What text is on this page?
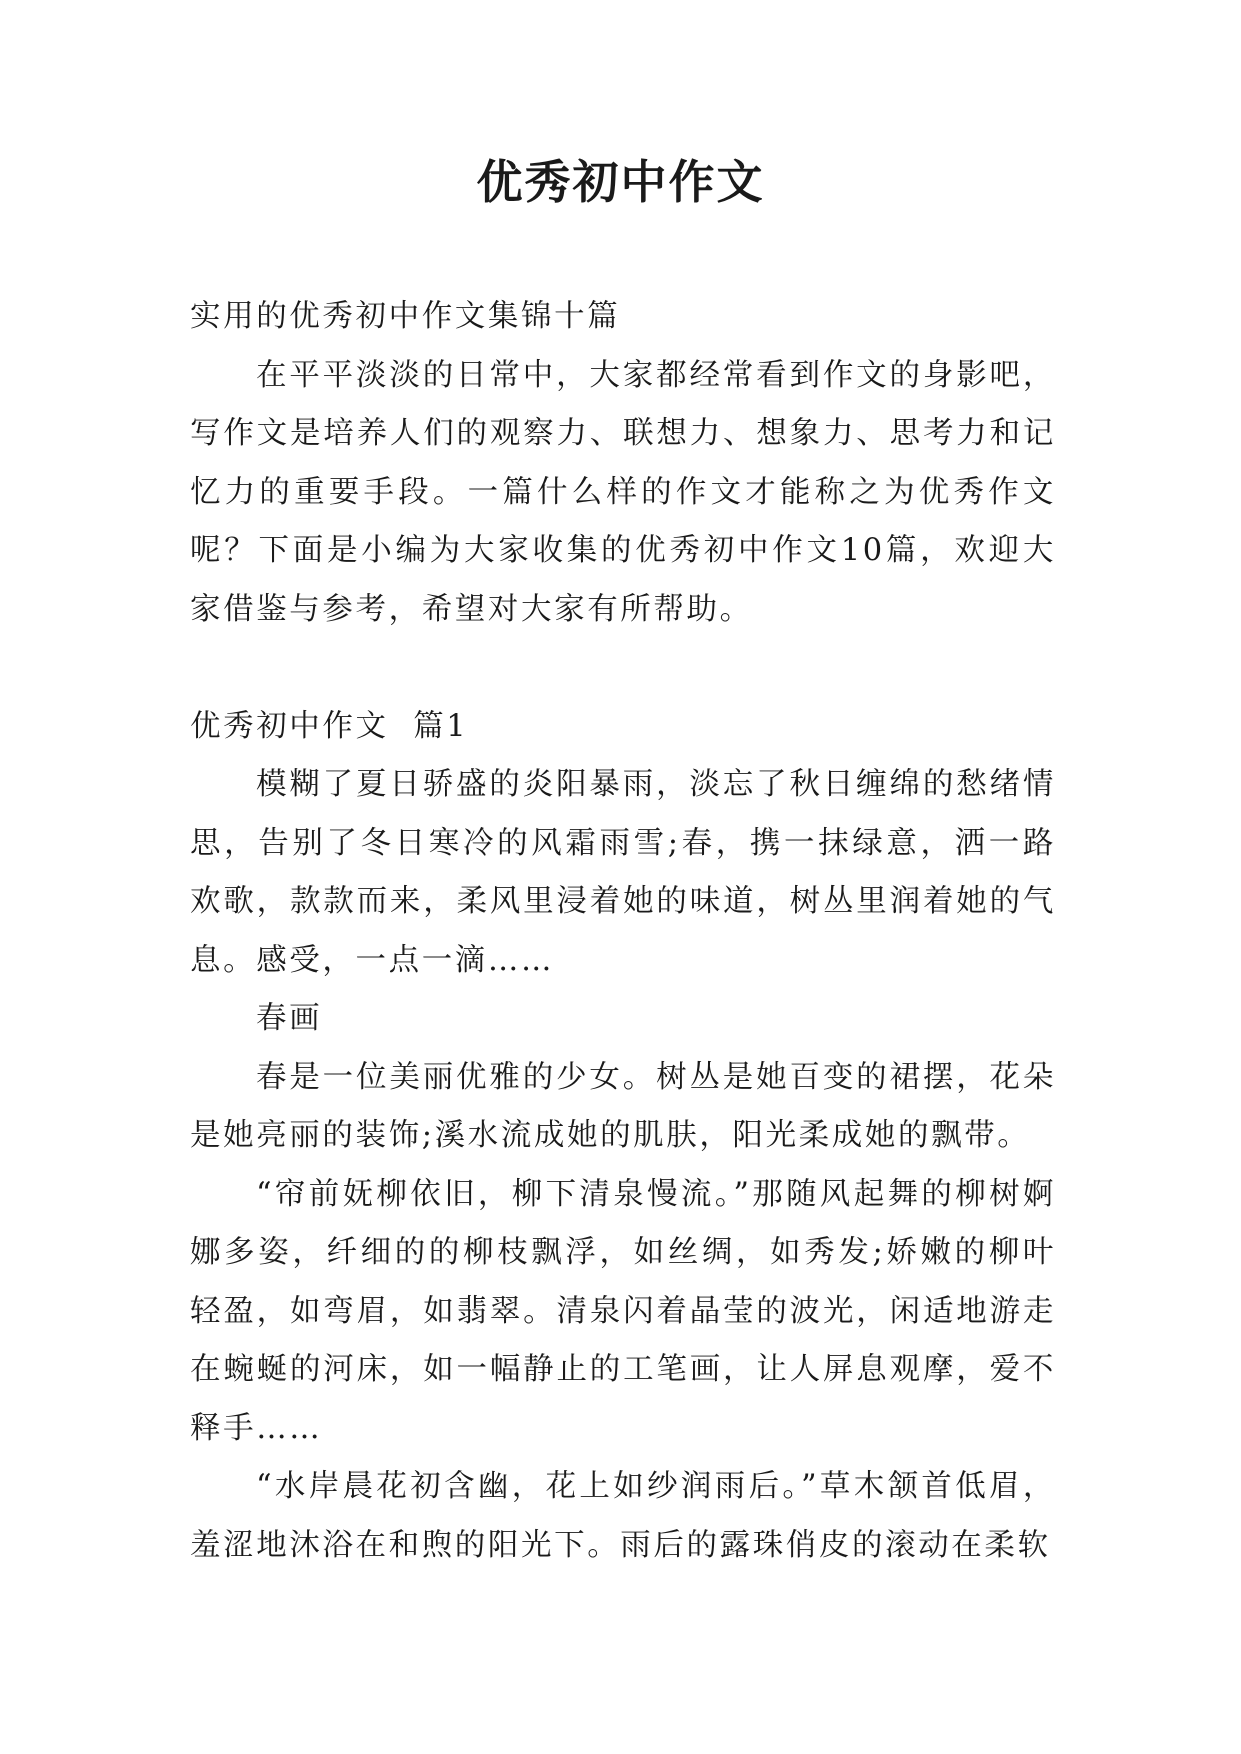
优秀初中作文

实用的优秀初中作文集锦十篇

在平平淡淡的日常中，大家都经常看到作文的身影吧，写作文是培养人们的观察力、联想力、想象力、思考力和记忆力的重要手段。一篇什么样的作文才能称之为优秀作文呢？下面是小编为大家收集的优秀初中作文10篇，欢迎大家借鉴与参考，希望对大家有所帮助。

优秀初中作文  篇1

模糊了夏日骄盛的炎阳暴雨，淡忘了秋日缠绵的愁绪情思，告别了冬日寒冷的风霜雨雪;春，携一抹绿意，洒一路欢歌，款款而来，柔风里浸着她的味道，树丛里润着她的气息。感受，一点一滴……

春画

春是一位美丽优雅的少女。树丛是她百变的裙摆，花朵是她亮丽的装饰;溪水流成她的肌肤，阳光柔成她的飘带。

“帘前妩柳依旧，柳下清泉慢流。”那随风起舞的柳树婀娜多姿，纤细的的柳枝飘浮，如丝绸，如秀发;娇嫩的柳叶轻盈，如弯眉，如翡翠。清泉闪着晶莹的波光，闲适地游走在蜿蜒的河床，如一幅静止的工笔画，让人屏息观摩，爱不释手……

“水岸晨花初含幽，花上如纱润雨后。”草木颔首低眉，羞涩地沐浴在和煦的阳光下。雨后的露珠俏皮的滚动在柔软
